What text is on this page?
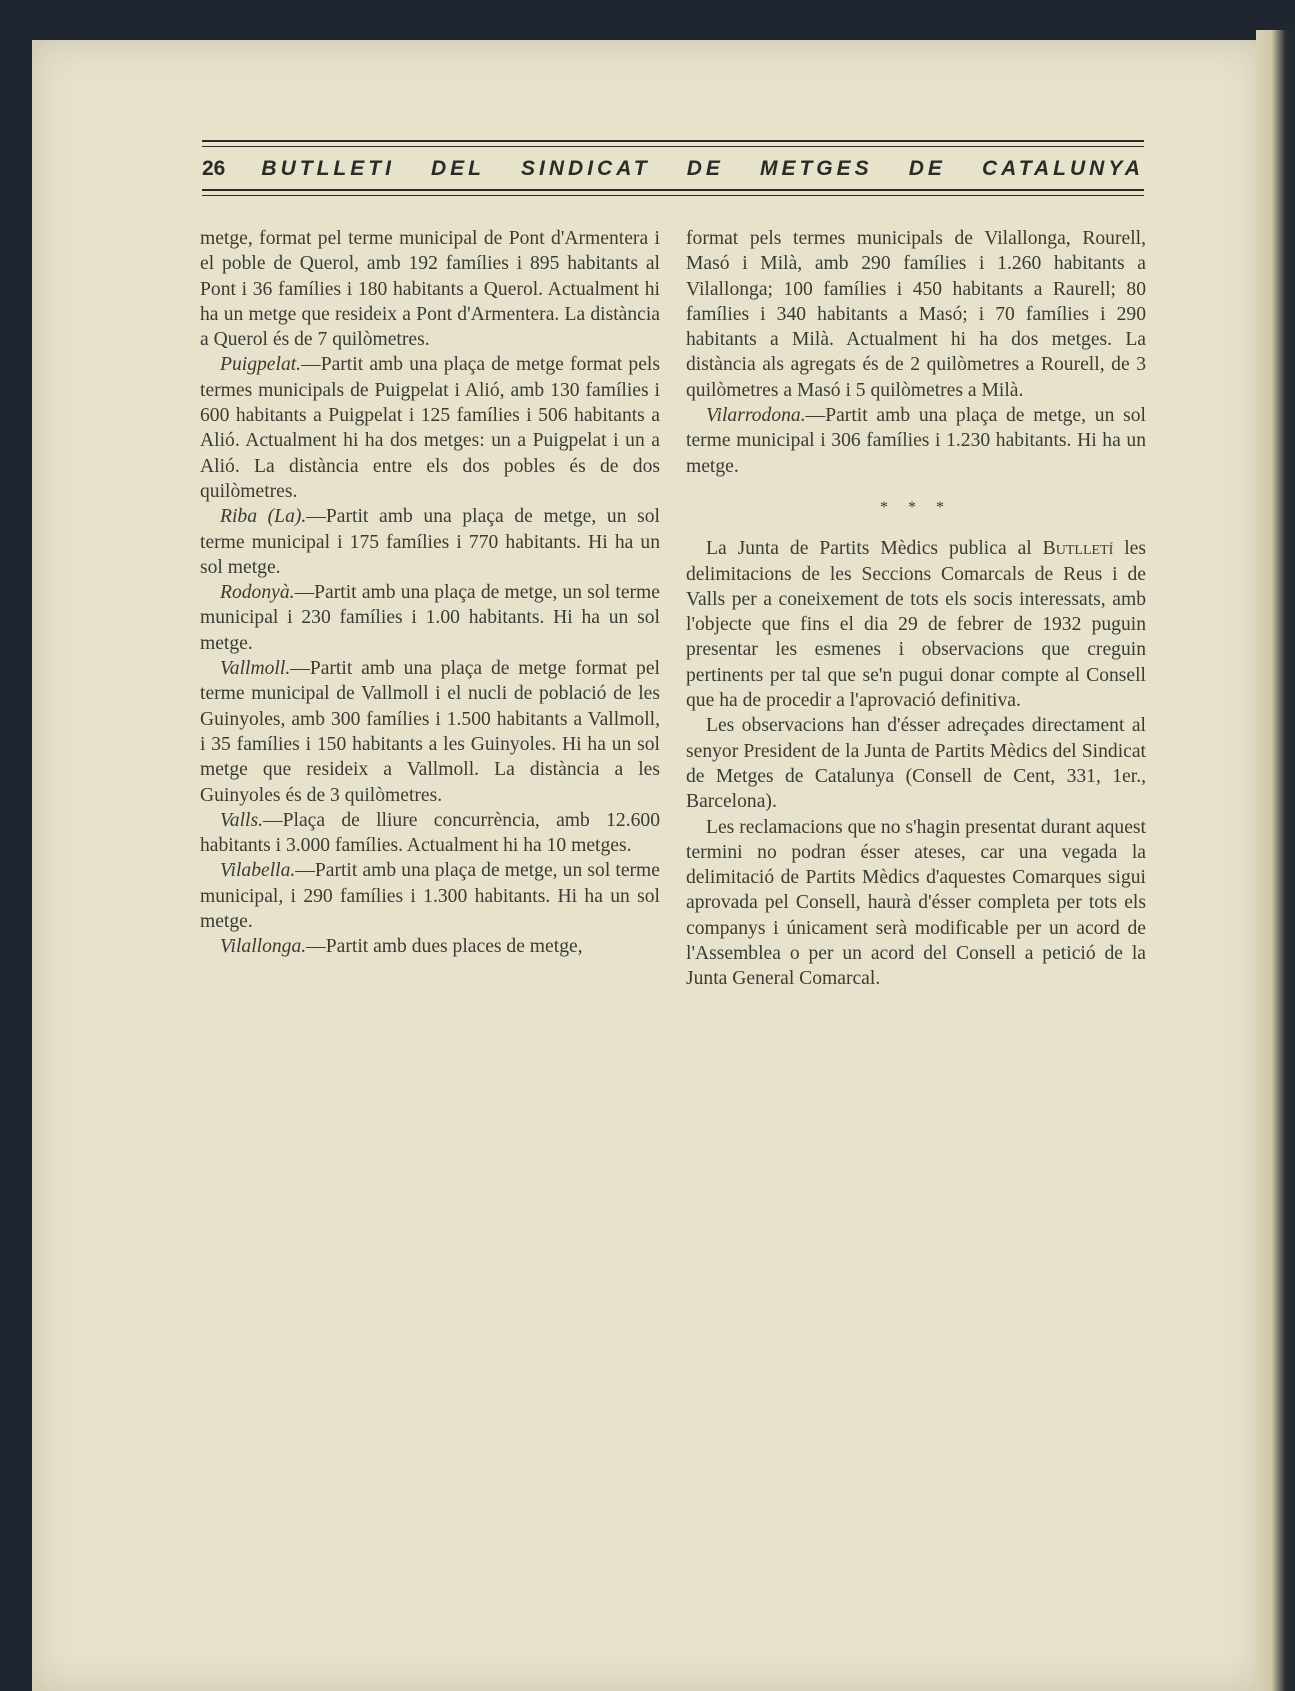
26 BUTLLETI DEL SINDICAT DE METGES DE CATALUNYA

metge, format pel terme municipal de Pont d'Armentera i el poble de Querol, amb 192 famílies i 895 habitants al Pont i 36 famílies i 180 habitants a Querol. Actualment hi ha un metge que resideix a Pont d'Armentera. La distància a Querol és de 7 quilòmetres.

Puigpelat.—Partit amb una plaça de metge format pels termes municipals de Puigpelat i Alió, amb 130 famílies i 600 habitants a Puigpelat i 125 famílies i 506 habitants a Alió. Actualment hi ha dos metges: un a Puigpelat i un a Alió. La distància entre els dos pobles és de dos quilòmetres.

Riba (La).—Partit amb una plaça de metge, un sol terme municipal i 175 famílies i 770 habitants. Hi ha un sol metge.

Rodonyà.—Partit amb una plaça de metge, un sol terme municipal i 230 famílies i 1.00 habitants. Hi ha un sol metge.

Vallmoll.—Partit amb una plaça de metge format pel terme municipal de Vallmoll i el nucli de població de les Guinyoles, amb 300 famílies i 1.500 habitants a Vallmoll, i 35 famílies i 150 habitants a les Guinyoles. Hi ha un sol metge que resideix a Vallmoll. La distància a les Guinyoles és de 3 quilòmetres.

Valls.—Plaça de lliure concurrència, amb 12.600 habitants i 3.000 famílies. Actualment hi ha 10 metges.

Vilabella.—Partit amb una plaça de metge, un sol terme municipal, i 290 famílies i 1.300 habitants. Hi ha un sol metge.

Vilallonga.—Partit amb dues places de metge,

format pels termes municipals de Vilallonga, Rourell, Masó i Milà, amb 290 famílies i 1.260 habitants a Vilallonga; 100 famílies i 450 habitants a Raurell; 80 famílies i 340 habitants a Masó; i 70 famílies i 290 habitants a Milà. Actualment hi ha dos metges. La distància als agregats és de 2 quilòmetres a Rourell, de 3 quilòmetres a Masó i 5 quilòmetres a Milà.

Vilarrodona.—Partit amb una plaça de metge, un sol terme municipal i 306 famílies i 1.230 habitants. Hi ha un metge.

* * *

La Junta de Partits Mèdics publica al Butlletí les delimitacions de les Seccions Comarcals de Reus i de Valls per a coneixement de tots els socis interessats, amb l'objecte que fins el dia 29 de febrer de 1932 puguin presentar les esmenes i observacions que creguin pertinents per tal que se'n pugui donar compte al Consell que ha de procedir a l'aprovació definitiva.

Les observacions han d'ésser adreçades directament al senyor President de la Junta de Partits Mèdics del Sindicat de Metges de Catalunya (Consell de Cent, 331, 1er., Barcelona).

Les reclamacions que no s'hagin presentat durant aquest termini no podran ésser ateses, car una vegada la delimitació de Partits Mèdics d'aquestes Comarques sigui aprovada pel Consell, haurà d'ésser completa per tots els companys i únicament serà modificable per un acord de l'Assemblea o per un acord del Consell a petició de la Junta General Comarcal.
